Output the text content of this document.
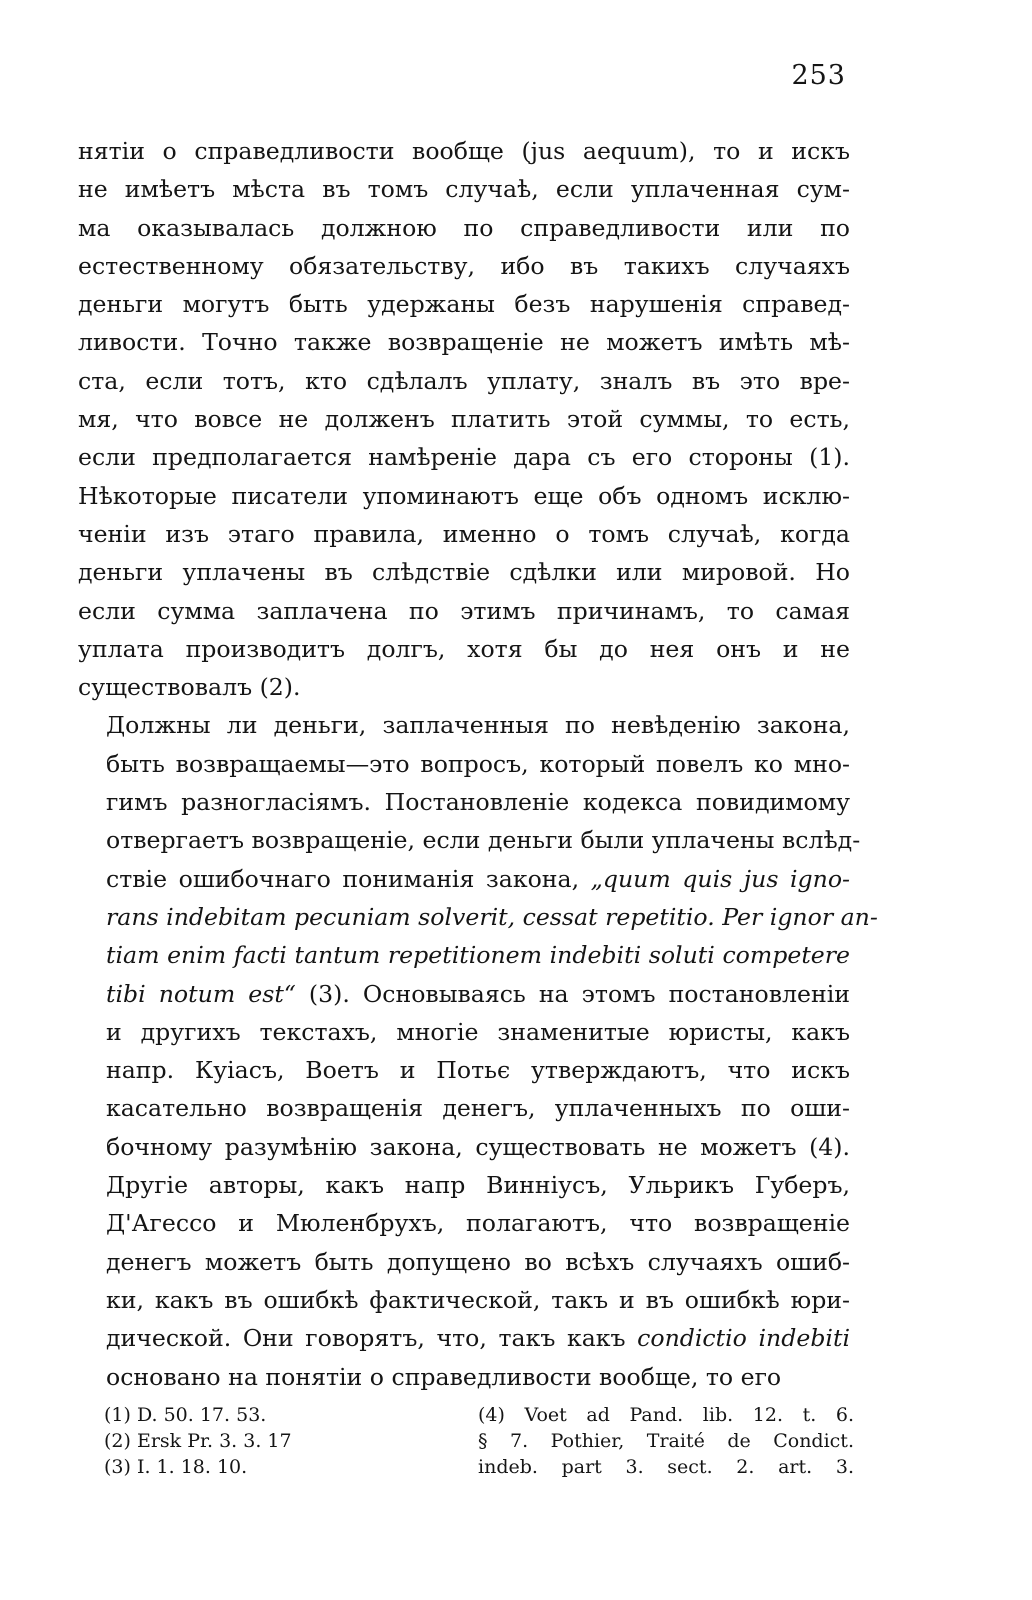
253

нятіи о справедливости вообще (jus aequum), то и искъ
не имѣетъ мѣста въ томъ случаѣ, если уплаченная сум-
ма оказывалась должною по справедливости или по
естественному обязательству, ибо въ такихъ случаяхъ
деньги могутъ быть удержаны безъ нарушенія справед-
ливости. Точно также возвращеніе не можетъ имѣть мѣ-
ста, если тотъ, кто сдѣлалъ уплату, зналъ въ это вре-
мя, что вовсе не долженъ платить этой суммы, то есть,
если предполагается намѣреніе дара съ его стороны (1).
Нѣкоторые писатели упоминаютъ еще объ одномъ исклю-
ченіи изъ этаго правила, именно о томъ случаѣ, когда
деньги уплачены въ слѣдствіе сдѣлки или мировой. Но
если сумма заплачена по этимъ причинамъ, то самая
уплата производитъ долгъ, хотя бы до нея онъ и не
существовалъ (2).

Должны ли деньги, заплаченныя по невѣденію закона,
быть возвращаемы—это вопросъ, который повелъ ко мно-
гимъ разногласіямъ. Постановленіе кодекса повидимому
отвергаетъ возвращеніе, если деньги были уплачены вслѣд-
ствіе ошибочнаго пониманія закона, „quum quis jus igno-
rans indebitam pecuniam solverit, cessat repetitio. Per ignor an-
tiam enim facti tantum repetitionem indebiti soluti competere
tibi notum est“ (3). Основываясь на этомъ постановленіи
и другихъ текстахъ, многіе знаменитые юристы, какъ
напр. Куіасъ, Воетъ и Потьє утверждаютъ, что искъ
касательно возвращенія денегъ, уплаченныхъ по оши-
бочному разумѣнію закона, существовать не можетъ (4).
Другіе авторы, какъ напр Винніусъ, Ульрикъ Губеръ,
Д'Агессо и Мюленбрухъ, полагаютъ, что возвращеніе
денегъ можетъ быть допущено во всѣхъ случаяхъ ошиб-
ки, какъ въ ошибкѣ фактической, такъ и въ ошибкѣ юри-
дической. Они говорятъ, что, такъ какъ condictio indebiti
основано на понятіи о справедливости вообще, то его

(1) D. 50. 17. 53.
(2) Ersk Pr. 3. 3. 17
(3) I. 1. 18. 10.
(4) Voet ad Pand. lib. 12. t. 6.
§ 7. Pothier, Traité de Condict.
indeb. part 3. sect. 2. art. 3.
